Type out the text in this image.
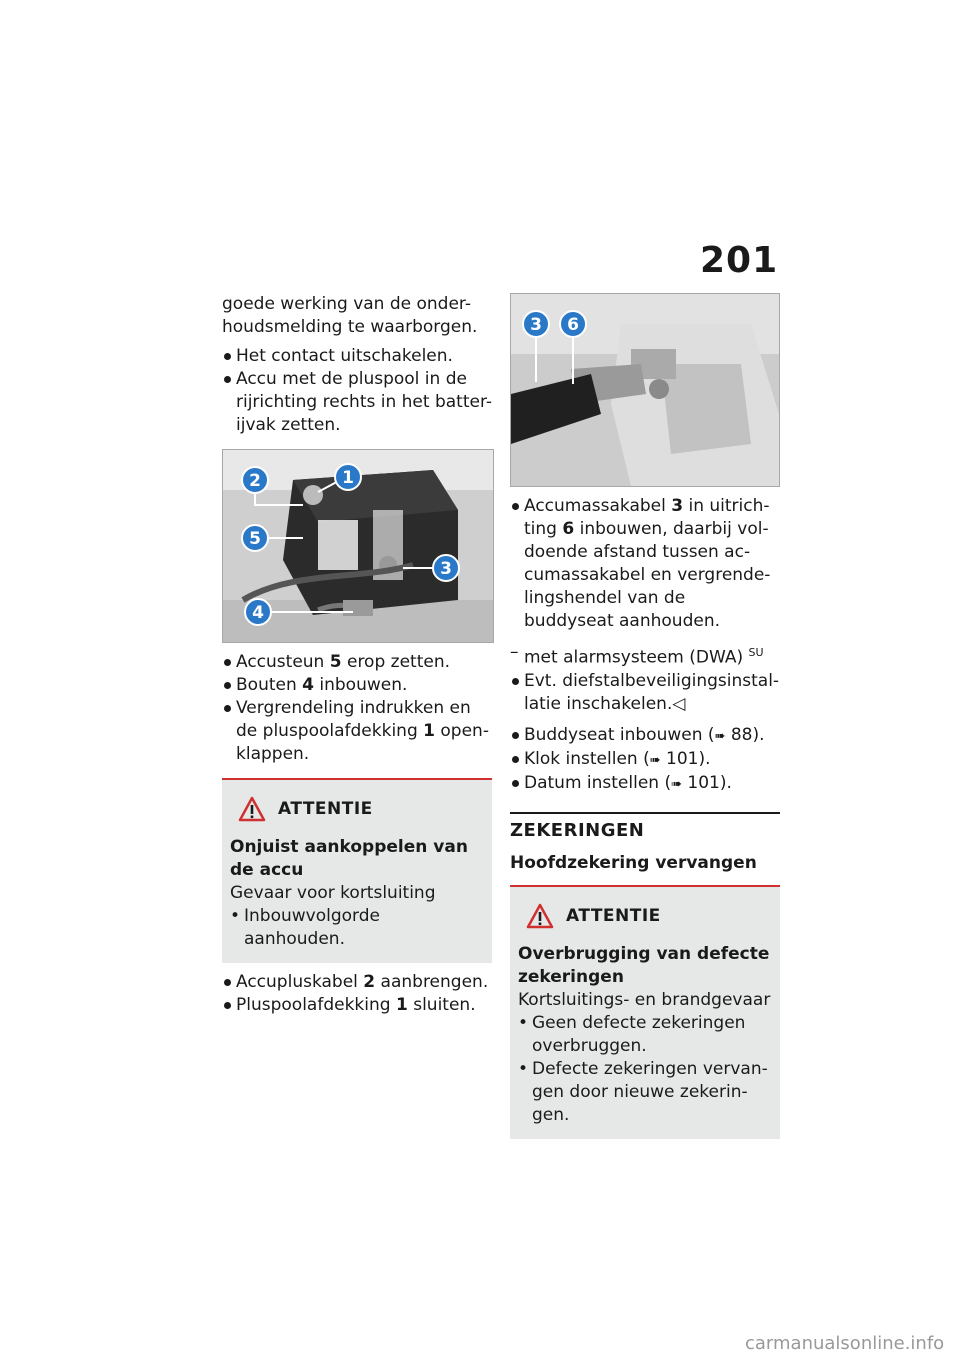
201

goede werking van de onder- houdsmelding te waarborgen.

Het contact uitschakelen.
Accu met de pluspool in de rijrichting rechts in het batter- ijvak zetten.
1
2
5
3
4
Accusteun 5 erop zetten.
Bouten 4 inbouwen.
Vergrendeling indrukken en de pluspoolafdekking 1 open- klappen.
ATTENTIE
Onjuist aankoppelen van de accu

Gevaar voor kortsluiting

• Inbouwvolgorde aanhouden.
Accupluskabel 2 aanbrengen.
Pluspoolafdekking 1 sluiten.
3 6
Accumassakabel 3 in uitrich- ting 6 inbouwen, daarbij vol- doende afstand tussen ac- cumassakabel en vergrende- lingshendel van de buddyseat aanhouden.
– met alarmsysteem (DWA) $^{SU}$
Evt. diefstalbeveiligingsinstal- latie inschakelen.◁
Buddyseat inbouwen (➠ 88).
Klok instellen (➠ 101).
Datum instellen (➠ 101).
ZEKERINGEN
Hoofdzekering vervangen
ATTENTIE
Overbrugging van defecte zekeringen

Kortsluitings- en brandgevaar

• Geen defecte zekeringen overbruggen.
• Defecte zekeringen vervan- gen door nieuwe zekerin- gen.
carmanualsonline.info
